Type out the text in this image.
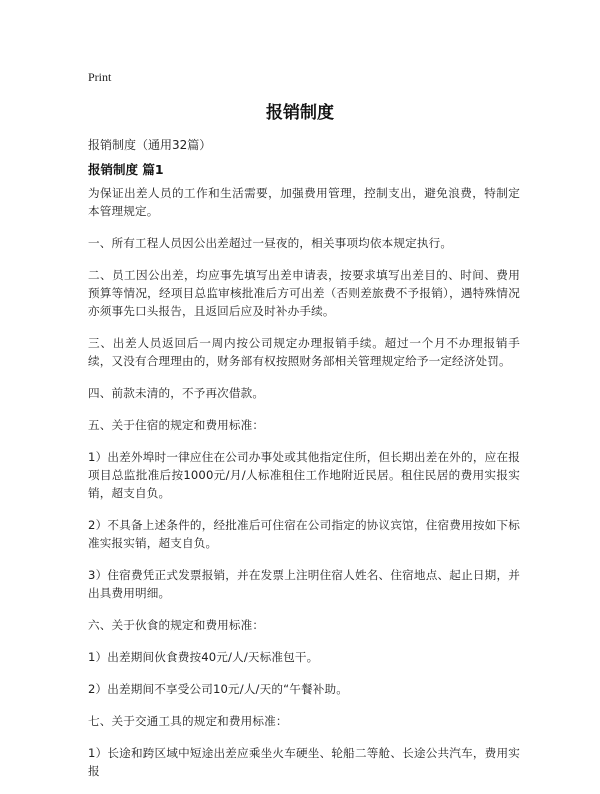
Print
报销制度

报销制度（通用32篇）

报销制度 篇1

为保证出差人员的工作和生活需要，加强费用管理，控制支出，避免浪费，特制定本管理规定。

一、所有工程人员因公出差超过一昼夜的，相关事项均依本规定执行。

二、员工因公出差，均应事先填写出差申请表，按要求填写出差目的、时间、费用预算等情况，经项目总监审核批准后方可出差（否则差旅费不予报销），遇特殊情况亦须事先口头报告，且返回后应及时补办手续。

三、出差人员返回后一周内按公司规定办理报销手续。超过一个月不办理报销手续，又没有合理理由的，财务部有权按照财务部相关管理规定给予一定经济处罚。

四、前款未清的，不予再次借款。

五、关于住宿的规定和费用标准：

1）出差外埠时一律应住在公司办事处或其他指定住所，但长期出差在外的，应在报项目总监批准后按1000元/月/人标准租住工作地附近民居。租住民居的费用实报实销，超支自负。

2）不具备上述条件的，经批准后可住宿在公司指定的协议宾馆，住宿费用按如下标准实报实销，超支自负。

3）住宿费凭正式发票报销，并在发票上注明住宿人姓名、住宿地点、起止日期，并出具费用明细。

六、关于伙食的规定和费用标准：

1）出差期间伙食费按40元/人/天标准包干。

2）出差期间不享受公司10元/人/天的“午餐补助。

七、关于交通工具的规定和费用标准：

1）长途和跨区域中短途出差应乘坐火车硬坐、轮船二等舱、长途公共汽车，费用实报
